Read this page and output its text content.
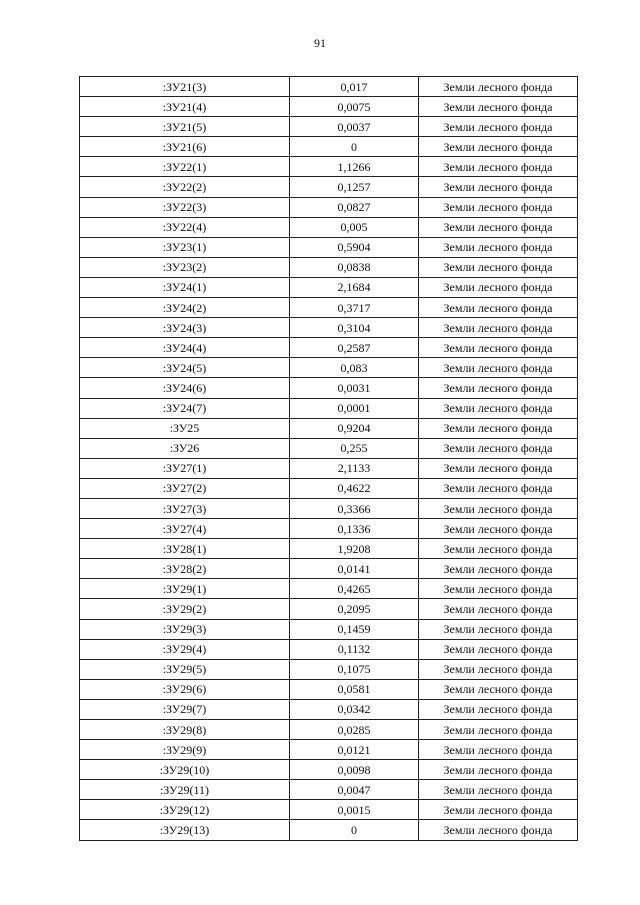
91
:ЗУ21(3)	0,017	Земли лесного фонда
:ЗУ21(4)	0,0075	Земли лесного фонда
:ЗУ21(5)	0,0037	Земли лесного фонда
:ЗУ21(6)	0	Земли лесного фонда
:ЗУ22(1)	1,1266	Земли лесного фонда
:ЗУ22(2)	0,1257	Земли лесного фонда
:ЗУ22(3)	0,0827	Земли лесного фонда
:ЗУ22(4)	0,005	Земли лесного фонда
:ЗУ23(1)	0,5904	Земли лесного фонда
:ЗУ23(2)	0,0838	Земли лесного фонда
:ЗУ24(1)	2,1684	Земли лесного фонда
:ЗУ24(2)	0,3717	Земли лесного фонда
:ЗУ24(3)	0,3104	Земли лесного фонда
:ЗУ24(4)	0,2587	Земли лесного фонда
:ЗУ24(5)	0,083	Земли лесного фонда
:ЗУ24(6)	0,0031	Земли лесного фонда
:ЗУ24(7)	0,0001	Земли лесного фонда
:ЗУ25	0,9204	Земли лесного фонда
:ЗУ26	0,255	Земли лесного фонда
:ЗУ27(1)	2,1133	Земли лесного фонда
:ЗУ27(2)	0,4622	Земли лесного фонда
:ЗУ27(3)	0,3366	Земли лесного фонда
:ЗУ27(4)	0,1336	Земли лесного фонда
:ЗУ28(1)	1,9208	Земли лесного фонда
:ЗУ28(2)	0,0141	Земли лесного фонда
:ЗУ29(1)	0,4265	Земли лесного фонда
:ЗУ29(2)	0,2095	Земли лесного фонда
:ЗУ29(3)	0,1459	Земли лесного фонда
:ЗУ29(4)	0,1132	Земли лесного фонда
:ЗУ29(5)	0,1075	Земли лесного фонда
:ЗУ29(6)	0,0581	Земли лесного фонда
:ЗУ29(7)	0,0342	Земли лесного фонда
:ЗУ29(8)	0,0285	Земли лесного фонда
:ЗУ29(9)	0,0121	Земли лесного фонда
:ЗУ29(10)	0,0098	Земли лесного фонда
:ЗУ29(11)	0,0047	Земли лесного фонда
:ЗУ29(12)	0,0015	Земли лесного фонда
:ЗУ29(13)	0	Земли лесного фонда
